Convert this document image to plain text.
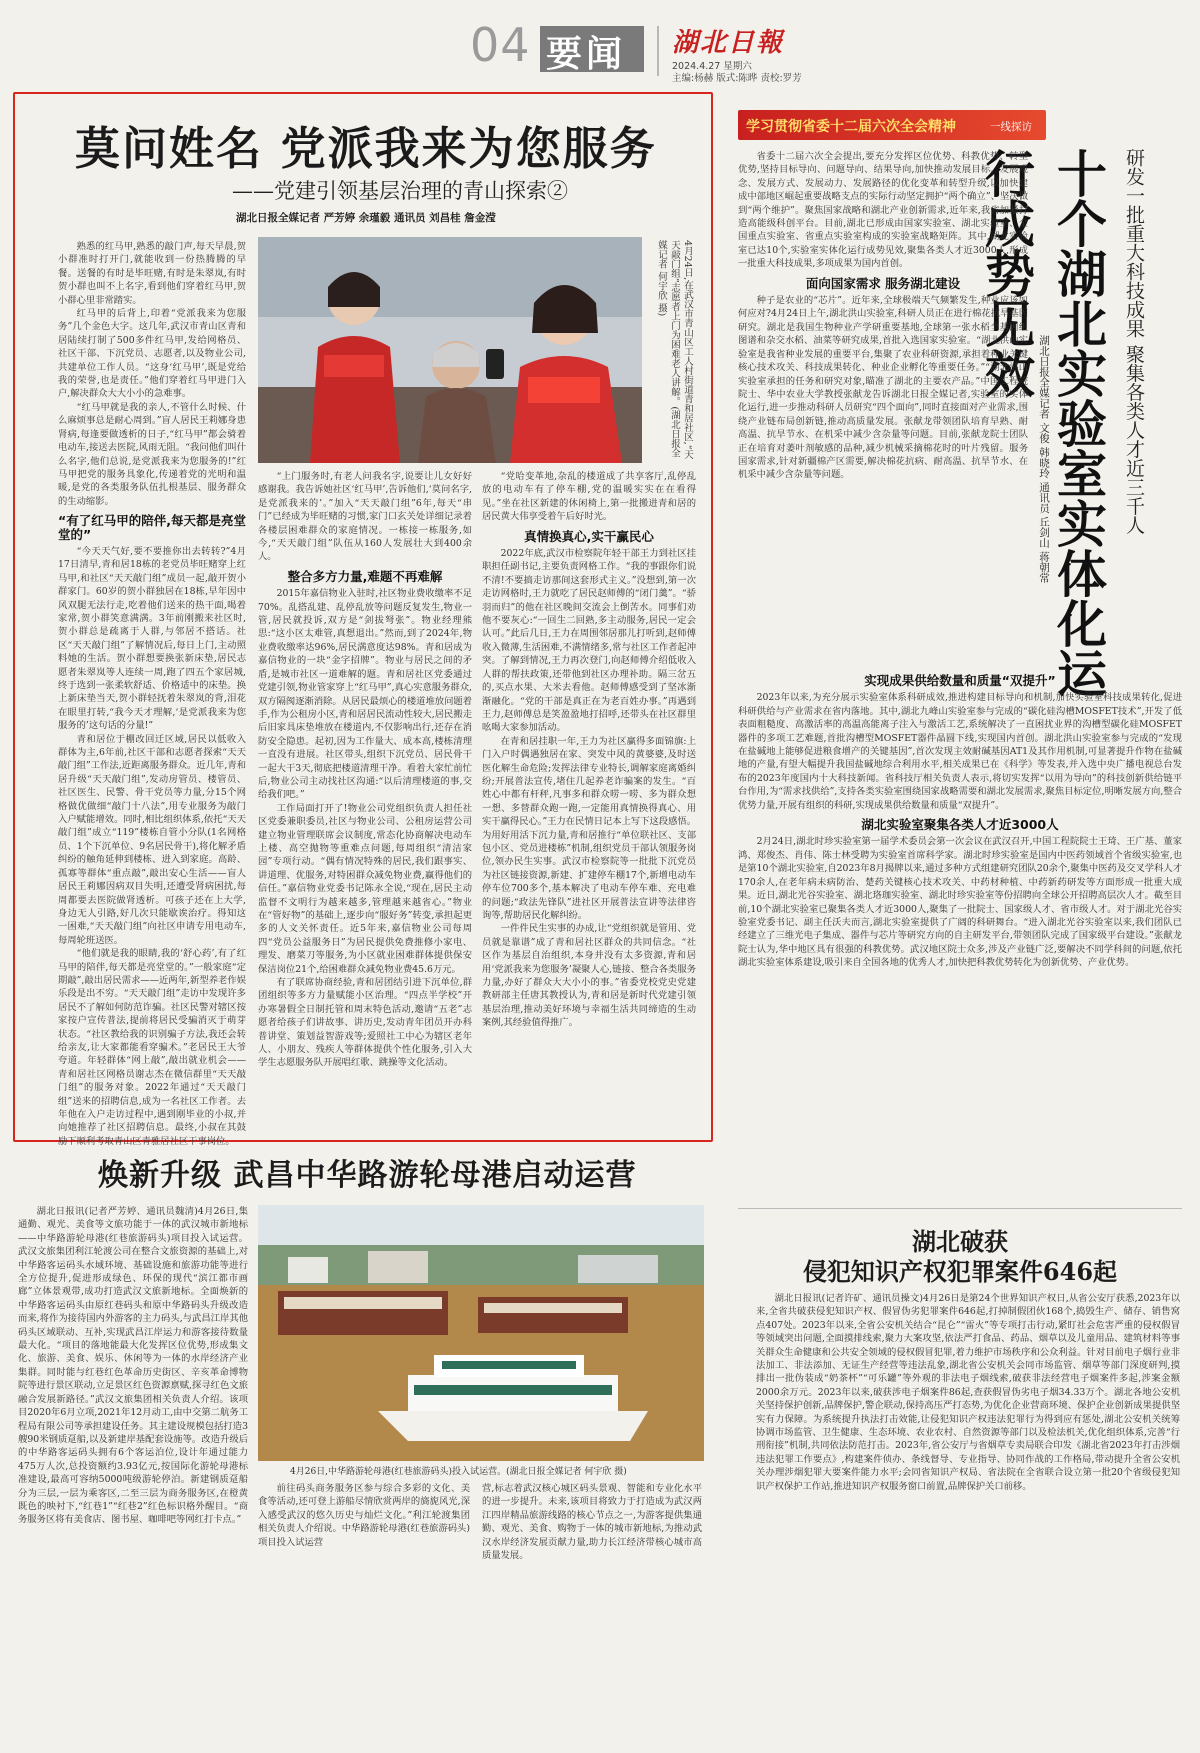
04 要闻 湖北日報
2024.4.27 星期六
主编:杨赫 版式:陈晔 责校:罗芳
莫问姓名 党派我来为您服务
——党建引领基层治理的青山探索②
湖北日报全媒记者 严芳婷 余瑾毅 通讯员 刘昌桂 詹金滢
4月24日,在武汉市青山区工人村街道青和居社区,“天天敲门组”志愿者上门为困难老人讲解。(湖北日报全媒记者 何宇欣 摄)

熟悉的红马甲,熟悉的敲门声,每天早晨,贺小群准时打开门,就能收到一份热腾腾的早餐。送餐的有时是毕旺赌,有时是朱翠岚,有时贺小群也叫不上名字,看到他们穿着红马甲,贺小群心里非常踏实。

红马甲的后背上,印着“党派我来为您服务”几个金色大字。这几年,武汉市青山区青和居陆续打制了500多件红马甲,发给网格员、社区干部、下沉党员、志愿者,以及物业公司,共建单位工作人员。“这身‘红马甲’,既是党给我的荣誉,也是责任。”他们穿着红马甲进门入户,解决群众大大小小的急难事。

“红马甲就是我的亲人,不管什么时候、什么麻烦事总是耐心周到。”盲人居民王莉娜身患肾病,每逢要做透析的日子,“红马甲”都会骑着电动车,接送去医院,风雨无阻。“我问他们叫什么名字,他们总说,是党派我来为您服务的!”红马甲把党的服务具象化,传递着党的光明和温暖,是党的各类服务队伍扎根基层、服务群众的生动缩影。

“有了红马甲的陪伴,每天都是亮堂堂的”

“今天天气好,要不要推你出去转转?”4月17日清早,青和居18栋的老党员毕旺赌穿上红马甲,和社区“天天敲门组”成员一起,敲开贺小群家门。60岁的贺小群独居在18栋,早年因中风双腿无法行走,吃着他们送来的热干面,喝着家常,贺小群笑意满满。3年前刚搬来社区时,贺小群总是疏离于人群,与邻居不搭话。社区“天天敲门组”了解情况后,每日上门,主动照料她的生活。贺小群想要换张新床垫,居民志愿者朱翠岚等人连续一周,跑了四五个家居城,终于选到一张柔软舒适、价格适中的床垫。换上新床垫当天,贺小群轻抚着朱翠岚的背,泪花在眼里打转,“我今天才理解,‘是党派我来为您服务的’这句话的分量!”

青和居位于棚改回迁区域,居民以低收入群体为主,6年前,社区干部和志愿者探索“天天敲门组”工作法,近距离服务群众。近几年,青和居升级“天天敲门组”,发动房管员、楼管员、社区医生、民警、骨干党员等力量,分15个网格做优做细“敲门十八法”,用专业服务为敲门入户赋能增效。同时,相比组织体系,依托“天天敲门组”成立“119”楼栋自管小分队(1名网格员、1个下沉单位、9名居民骨干),将化解矛盾纠纷的触角延伸到楼栋、进入到家庭。高龄、孤寡等群体“重点敲”,敲出安心生活——盲人居民王莉娜因病双目失明,还遭受肾病困扰,每周都要去医院做肾透析。可孩子还在上大学,身边无人引路,好几次只能歇诶治疗。得知这一困难,“天天敲门组”向社区申请专用电动车,每周轮班送医。

“他们就是我的眼睛,我的‘舒心药’,有了红马甲的陪伴,每天都是亮堂堂的。”一般家庭“定期敲”,敲出居民需求——近两年,新型养老作娱乐段是出不穷。“天天敲门组”走访中发现许多居民不了解如何防范诈骗。社区民警对辖区按家按户宣传普法,提前将居民受骗消灭于萌芽状态。“社区教给我的识别骗子方法,我还会转给亲友,让大家都能看穿骗术。”老居民王大爷夸道。年轻群体“网上敲”,敲出就业机会——青和居社区网格员谢志杰在微信群里“天天敲门组”的服务对象。2022年通过“天天敲门组”送来的招聘信息,成为一名社区工作者。去年他在入户走访过程中,遇到刚毕业的小叔,并向她推荐了社区招聘信息。最终,小叔在其鼓励下顺利考取青山区青雅居社区干事岗位。

“上门服务时,有老人问我名字,说要让儿女好好感谢我。我告诉她社区‘红马甲’,告诉他们,‘莫问名字,是党派我来的’。”加入“天天敲门组”6年,每天“串门”已经成为毕旺赌的习惯,家门口玄关处详细记录着各楼层困难群众的家庭情况。一栋接一栋服务,如今,“天天敲门组”队伍从160人发展壮大到400余人。

整合多方力量,难题不再难解

2015年嘉信物业入驻时,社区物业费收缴率不足70%。乱搭乱建、乱停乱放等问题反复发生,物业一管,居民就投诉,双方是“剑拔弩张”。物业经理熊思:“这小区太难管,真想退出。”然而,到了2024年,物业费收缴率达96%,居民满意度达98%。青和居成为嘉信物业的一块“金字招牌”。物业与居民之间的矛盾,是城市社区一道难解的题。青和居社区党委通过党建引领,物业管家穿上“红马甲”,真心实意服务群众,双方隔阂逐渐消除。从居民最烦心的楼道堆放问题着手,作为公租房小区,青和居居民流动性较大,居民搬走后旧家具床垫堆放在楼道内,不仅影响出行,还存在消防安全隐患。起初,因为工作量大、成本高,楼栋清理一直没有进展。社区带头,组织下沉党员、居民骨干一起大干3天,彻底把楼道清理干净。看着大家忙前忙后,物业公司主动找社区沟通:“以后清理楼道的事,交给我们吧。”

工作局面打开了!物业公司党组织负责人担任社区党委兼职委员,社区与物业公司、公租房运营公司建立物业管理联席会议制度,常态化协商解决电动车上楼、高空抛物等重难点问题,每周组织“清洁家园”专项行动。“偶有情况特殊的居民,我们跟事实、讲道理、优服务,对特困群众减免物业费,赢得他们的信任。”嘉信物业党委书记陈永全说,“现在,居民主动监督不文明行为越来越多,管理越来越省心。”物业在“管好物”的基础上,逐步向“服好务”转变,承担起更多的人文关怀责任。近5年来,嘉信物业公司每周四“党员公益服务日”为居民提供免费推修小家电、理发、磨菜刀等服务,为小区就业困难群体提供保安保洁岗位21个,给困难群众减免物业费45.6万元。

有了联席协商经验,青和居团结引进下沉单位,群团组织等多方力量赋能小区治理。“四点半学校”开办寒暑假全日制托管和周末特色活动,邀请“五老”志愿者给孩子们讲故事、讲历史,发动青年团员开办科普讲堂、策划益智游戏等;爱照社工中心为辖区老年人、小朋友、残疾人等群体提供个性化服务,引入大学生志愿服务队开展唱红歌、跳操等文化活动。

“党哈变革地,杂乱的楼道成了共享客厅,乱停乱放的电动车有了停车棚,党的温暖实实在在看得见。”坐在社区新建的休闲椅上,第一批搬进青和居的居民黄大伟享受着午后好时光。

真情换真心,实干赢民心

2022年底,武汉市检察院年轻干部王力到社区挂职担任副书记,主要负责网格工作。“我的事跟你们说不清!不要搞走访那间这套形式主义。”没想到,第一次走访网格时,王力就吃了居民赵师傅的“闭门羹”。“骄羽而归”的他在社区晚间交流会上倒苦水。同事们劝他不要灰心:“一回生二回熟,多主动服务,居民一定会认可。”此后几日,王力在周围邻居那儿打听到,赵师傅收入微薄,生活困难,不满情绪多,常与社区工作者起冲突。了解到情况,王力再次登门,向赵师傅介绍低收入人群的帮扶政策,还带他到社区办理补助。隔三岔五的,买点水果、大米去看他。赵师傅感受到了坚冰渐渐融化。“党的干部是真正在为老百姓办事。”再遇到王力,赵师傅总是笑盈盈地打招呼,还带头在社区群里吆喝大家参加活动。

在青和居挂职一年,王力为社区赢得多面锦旗:上门入户时偶遇独居在家、突发中风的黄婆婆,及时送医化解生命危险;发挥法律专业特长,调解家庭离婚纠纷;开展普法宣传,堵住几起养老诈骗案的发生。“百姓心中都有杆秤,凡事多和群众唠一唠、多为群众想一想、多替群众跑一跑,一定能用真情换得真心、用实干赢得民心。”王力在民情日记本上写下这段感悟。为用好用活下沉力量,青和居推行“单位联社区、支部包小区、党员进楼栋”机制,组织党员干部认领服务岗位,领办民生实事。武汉市检察院等一批批下沉党员为社区链接资源,新建、扩建停车棚17个,新增电动车停车位700多个,基本解决了电动车停车难、充电难的问题;“政法先锋队”进社区开展普法宣讲等法律咨询等,帮助居民化解纠纷。

一件件民生实事的办成,让“党组织就是管用、党员就是靠谱”成了青和居社区群众的共同信念。“社区作为基层自治组织,本身并没有太多资源,青和居用‘党派我来为您服务’凝聚人心,链接、整合各类服务力量,办好了群众大大小小的事。”省委党校党史党建教研部主任唐其教授认为,青和居是新时代党建引领基层治理,推动美好环境与幸福生活共同缔造的生动案例,其经验值得推广。

焕新升级 武昌中华路游轮母港启动运营

湖北日报讯(记者严芳婷、通讯员魏清)4月26日,集通勤、观光、美食等文旅功能于一体的武汉城市新地标——中华路游轮母港(红巷旅游码头)项目投入试运营。武汉文旅集团利江轮渡公司在整合文旅资源的基础上,对中华路客运码头水域环境、基础设施和旅游功能等进行全方位提升,促进形成绿色、环保的现代“滨江都市画廊”立体景观带,成功打造武汉文旅新地标。全面焕新的中华路客运码头由原红巷码头和原中华路码头升级改造而来,将作为接待国内外游客的主力码头,与武昌江岸其他码头区域联动、互补,实现武昌江岸运力和游客接待数量最大化。“项目的落地能最大化发挥区位优势,形成集文化、旅游、美食、娱乐、休闲等为一体的水岸经济产业集群。同时能与红巷红色革命历史街区、辛亥革命博物院等进行景区联动,立足景区红色资源禀赋,探寻红色文旅融合发展新路径。”武汉文旅集团相关负责人介绍。该项目2020年6月立项,2021年12月动工,由中交第二航务工程局有限公司等承担建设任务。其主建设规模包括打造3艘90米钢质趸船,以及新建岸基配套设施等。改造升级后的中华路客运码头拥有6个客运泊位,设计年通过能力475万人次,总投资额约3.93亿元,按国际化游轮母港标准建设,最高可容纳5000吨级游轮停泊。新建钢质趸船分为三层,一层为乘客区,二至三层为商务服务区,在橙黄既色的映衬下,“红巷1”“红巷2”红色标识格外醒目。“商务服务区将有美食店、图书屋、咖啡吧等网红打卡点。”

4月26日,中华路游轮母港(红巷旅游码头)投入试运营。(湖北日报全媒记者 何宇欣 摄)

前往码头商务服务区参与综合多彩的文化、美食等活动,还可登上游船尽情欣赏两岸的旖旎风光,深入感受武汉的悠久历史与灿烂文化。”利江轮渡集团相关负责人介绍说。中华路游轮母港(红巷旅游码头)项目投入试运营

营,标志着武汉核心城区码头景观、智能和专业化水平的进一步提升。未来,该项目将致力于打造成为武汉两江四岸精品旅游线路的核心节点之一,为游客提供集通勤、观光、美食、购物于一体的城市新地标,为推动武汉水岸经济发展贡献力量,助力长江经济带核心城市高质量发展。

学习贯彻省委十二届六次全会精神	一线探访
研发一批重大科技成果 聚集各类人才近三千人
十个湖北实验室实体化运行成势见效
湖北日报全媒记者 文俊 韩晓玲 通讯员 丘剑山 蒋朝常

省委十二届六次全会提出,要充分发挥区位优势、科教优势、转型优势,坚持目标导向、问题导向、结果导向,加快推动发展目标、发展观念、发展方式、发展动力、发展路径的优化变革和转型升级,以加快建成中部地区崛起重要战略支点的实际行动坚定拥护“两个确立”、坚决做到“两个维护”。聚焦国家战略和湖北产业创新需求,近年来,我省加紧打造高能级科创平台。目前,湖北已形成由国家实验室、湖北实验室、全国重点实验室、省重点实验室构成的实验室战略矩阵。其中,湖北实验室已达10个,实验室实体化运行成势见效,聚集各类人才近3000人,形成一批重大科技成果,多项成果为国内首创。

面向国家需求 服务湖北建设

种子是农业的“芯片”。近年来,全球极端天气频繁发生,种业应该如何应对?4月24日上午,湖北洪山实验室,科研人员正在进行棉花抗旱基因研究。湖北是我国生物种业产学研重要基地,全球第一张水稻全基因组图谱和杂交水稻、油菜等研究成果,首批入选国家实验室。“湖北洪山实验室是我省种业发展的重要平台,集聚了农业科研资源,承担着种业关键核心技术攻关、科技成果转化、种业企业孵化等重要任务。”“湖北洪山实验室承担的任务和研究对象,瞄准了湖北的主要农产品。”中国工程院院士、华中农业大学教授张献龙告诉湖北日报全媒记者,实验室的实体化运行,进一步推动科研人员研究“四个面向”,同时直接面对产业需求,围绕产业链布局创新链,推动高质量发展。张献龙带领团队培育早熟、耐高温、抗旱节水、在机采中减少含杂量等问题。目前,张献龙院士团队正在培育对萎叶剂敏感的品种,减少机械采摘棉花时的叶片残留。服务国家需求,针对新疆棉产区需要,解决棉花抗病、耐高温、抗旱节水、在机采中减少含杂量等问题。

实现成果供给数量和质量“双提升”

2023年以来,为充分展示实验室体系科研成效,推进构建目标导向和机制,加快实验室科技成果转化,促进科研供给与产业需求在省内落地。其中,湖北九峰山实验室参与完成的“碳化硅沟槽MOSFET技术”,开发了低表面粗糙度、高激活率的高温高能离子注入与激活工艺,系统解决了一直困扰业界的沟槽型碳化硅MOSFET器件的多项工艺难题,首批沟槽型MOSFET器件晶圆下线,实现国内首创。湖北洪山实验室参与完成的“发现在盐碱地上能够促进粮食增产的关键基因”,首次发现主效耐碱基因AT1及其作用机制,可显著提升作物在盐碱地的产量,有望大幅提升我国盐碱地综合利用水平,相关成果已在《科学》等发表,并入选中央广播电视总台发布的2023年度国内十大科技新闻。省科技厅相关负责人表示,将切实发挥“以用为导向”的科技创新供给链平台作用,为“需求找供给”,支持各类实验室围绕国家战略需要和湖北发展需求,聚焦目标定位,明晰发展方向,整合优势力量,开展有组织的科研,实现成果供给数量和质量“双提升”。

湖北实验室聚集各类人才近3000人

2月24日,湖北时珍实验室第一届学术委员会第一次会议在武汉召开,中国工程院院士王琦、王广基、董家鸿、郑俊杰、肖伟、陈士林受聘为实验室首席科学家。湖北时珍实验室是国内中医药领域首个省级实验室,也是第10个湖北实验室,自2023年8月揭牌以来,通过多种方式组建研究团队20余个,聚集中医药及交叉学科人才170余人,在老年病未病防治、楚药关键核心技术攻关、中药材种植、中药新药研发等方面形成一批重大成果。近日,湖北光谷实验室、湖北珞珈实验室、湖北时珍实验室等份招聘向全球公开招聘高层次人才。截至目前,10个湖北实验室已聚集各类人才近3000人,聚集了一批院士、国家级人才、省市级人才。对于湖北光谷实验室党委书记、副主任沃夫而言,湖北实验室提供了广阔的科研舞台。“进入湖北光谷实验室以来,我们团队已经建立了三维光电子集成、器件与芯片等研究方向的自主研发平台,带领团队完成了国家级平台建设。”张献龙院士认为,华中地区具有很强的科教优势。武汉地区院士众多,涉及产业链广泛,要解决不同学科间的问题,依托湖北实验室体系建设,吸引来自全国各地的优秀人才,加快把科教优势转化为创新优势、产业优势。

湖北破获
侵犯知识产权犯罪案件646起

湖北日报讯(记者许矿、通讯员操文)4月26日是第24个世界知识产权日,从省公安厅获悉,2023年以来,全省共破获侵犯知识产权、假冒伪劣犯罪案件646起,打掉制假团伙168个,捣毁生产、储存、销售窝点407处。2023年以来,全省公安机关结合“昆仑”“雷火”等专项打击行动,紧盯社会危害严重的侵权假冒等领域突出问题,全面摸排线索,聚力大案攻坚,依法严打食品、药品、烟草以及儿童用品、建筑材料等事关群众生命健康和公共安全领域的侵权假冒犯罪,着力维护市场秩序和公众利益。针对目前电子烟行业非法加工、非法添加、无证生产经营等违法乱象,湖北省公安机关会同市场监管、烟草等部门深度研判,摸排出一批伪装成“奶茶杯”“可乐罐”等外观的非法电子烟线索,破获非法经营电子烟案件多起,涉案金额2000余万元。2023年以来,破获涉电子烟案件86起,查获假冒伪劣电子烟34.33万个。湖北各地公安机关坚持保护创新,品牌保护,警企联动,保持高压严打态势,为优化企业营商环境、保护企业创新成果提供坚实有力保障。为系统提升执法打击效能,让侵犯知识产权违法犯罪行为得到应有惩处,湖北公安机关统筹协调市场监管、卫生健康、生态环境、农业农村、自然资源等部门以及检法机关,优化组织体系,完善“行刑衔接”机制,共同依法防范打击。2023年,省公安厅与省烟草专卖局联合印发《湖北省2023年打击涉烟违法犯罪工作要点》,构建案件侦办、条线督导、专业指导、协同作战的工作格局,带动提升全省公安机关办理涉烟犯罪大要案件能力水平;会同省知识产权局、省法院在全省联合设立第一批20个省级侵犯知识产权保护工作站,推进知识产权服务窗口前置,品牌保护关口前移。
